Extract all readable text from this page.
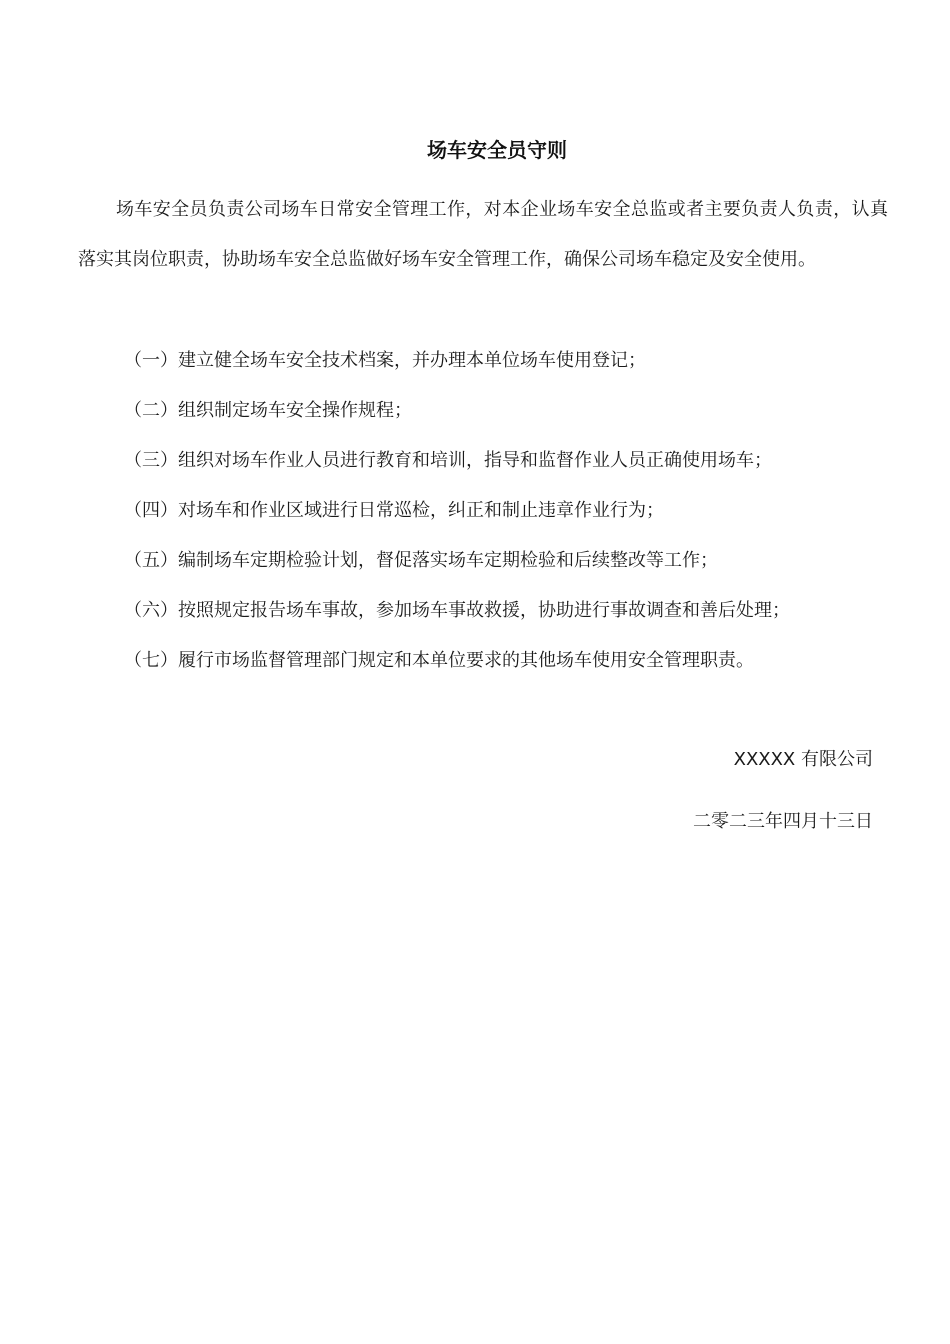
场车安全员守则

场车安全员负责公司场车日常安全管理工作，对本企业场车安全总监或者主要负责人负责，认真落实其岗位职责，协助场车安全总监做好场车安全管理工作，确保公司场车稳定及安全使用。

（一）建立健全场车安全技术档案，并办理本单位场车使用登记；
（二）组织制定场车安全操作规程；
（三）组织对场车作业人员进行教育和培训，指导和监督作业人员正确使用场车；
（四）对场车和作业区域进行日常巡检，纠正和制止违章作业行为；
（五）编制场车定期检验计划，督促落实场车定期检验和后续整改等工作；
（六）按照规定报告场车事故，参加场车事故救援，协助进行事故调查和善后处理；
（七）履行市场监督管理部门规定和本单位要求的其他场车使用安全管理职责。
XXXXX 有限公司
二零二三年四月十三日
